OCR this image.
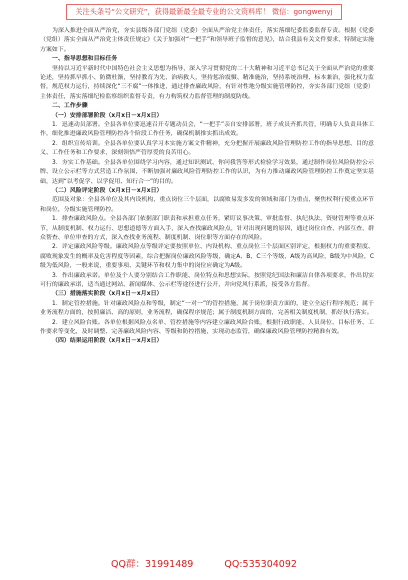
关注头条号“公文研究”，获得最新最全最专业的公文资料库！ 微信：gongwenyj

为深入推进全面从严治党，夯实县级各部门党组（党委）全面从严治党主体责任，落实落细纪委监委监督专责。根据《党委（党组）落实全面从严治党主体责任规定》《关于加强对“一把手”和领导班子监督的意见》，结合我县有关文件要求，特制定实施方案如下。

一、指导思想和目标任务

坚持以习近平新时代中国特色社会主义思想为指导，深入学习贯彻党的二十大精神和习近平总书记关于全面从严治党的重要论述，坚持抓早抓小、防微杜渐，坚持教育为先、治病救人，坚持惩治震慑、精准施治，坚持系统治理、标本兼治，强化权力监督，规范权力运行，持续深化“三不腐”一体推进，通过排查廉政风险，有针对性地分级实施管理防控，夯实各部门党组（党委）主体责任，落实落细纪检监察组织监督专责，有力构筑权力监督管理的制度防线。

二、工作步骤

（一）安排部署阶段（x月x日－x月x日）

1．迅速动员部署。全县各单位要迅速召开专题动员会，“一把手”亲自安排部署，班子成员齐抓共管，明确专人负责具体工作，细化推进廉政风险管理防控各个阶段工作任务，确保机制推实抓出成效。

2．组织宣传培训。全县各单位要认真学习本实施方案文件精神，充分把握开展廉政风险管理防控工作的指导思想、目的意义、工作任务和工作要求，深刻领悟严管厚爱的良苦用心。

3．夯实工作基础。全县各单位围绕学习内容，通过知识测试、你问我答等形式检验学习效果，通过制作岗位风险防控公示牌、设立公示栏等方式营造工作氛围，不断加强对廉政风险管理防控工作的认识，为有力推动廉政风险管理防控工作奠定坚实基础，达到“以考促学、以学促用、知行合一”的目的。

（二）风险评定阶段（x月x日－x月x日）

范围及对象：全县各单位及其内设机构，重点岗位三个层面，以腐败易发多发的领域和部门为重点，聚焦权利行使重点环节和岗位，分级实施管理防控。

1．排查廉政风险点。全县各部门依据部门职责和承担重点任务，紧盯议事决策、审批监督、执纪执法、资财管理等重点环节，从制度机制、权力运行、思想道德等方面入手，深入查找廉政风险点，针对出现问题的原因，通过岗位自查、内部互查、群众帮查、单位审查的方式，深入查找业务流程、制度机制、岗位职等方面存在的风险。

2．评定廉政风险等级。廉政风险点等级评定要按照单位、内设机构、重点岗位三个层面区别评定，根据权力的重要程度、腐败现象发生的概率及危害程度等因素，综合把握岗位廉政风险等级，确定A、B、C三个等级，A级为高风险，B级为中风险，C级为低风险，一般来说，重要事项、关键环节和权力集中的岗位应确定为A级。

3．作出廉政承诺。单位及个人要分别结合工作职能、岗位特点和思想实际，按照党纪国法和廉洁自律各项要求，作出切实可行的廉政承诺，适当通过网站、新闻媒体、公示栏等途径进行公开，并向党风行系派，接受各方监督。

（三）措施落实阶段（x月x日－x月x日）

1．制定管控措施。针对廉政风险点和等级，制定“一对一”的管控措施，属于岗位职责方面的，建立全运行程序规范；属于业务流程方面的，按照廉洁、高的原则，业务流程，确保程序规范；属于制度机制方面的，完善相关制度机制，抓好执行落实。

2．建立风险台账。各单位根据风险点名单、管控措施等内容建立廉政风险台账，根据行政职能、人员岗位、目标任务、工作要求等变化，及时调整、完善廉政风险内容、等级和防控措施，实现动态监管，确保廉政风险管理防控精准有效。

（四）结果运用阶段（x月x日－x月x日）

QQ群：31991489	QQ:535304092
